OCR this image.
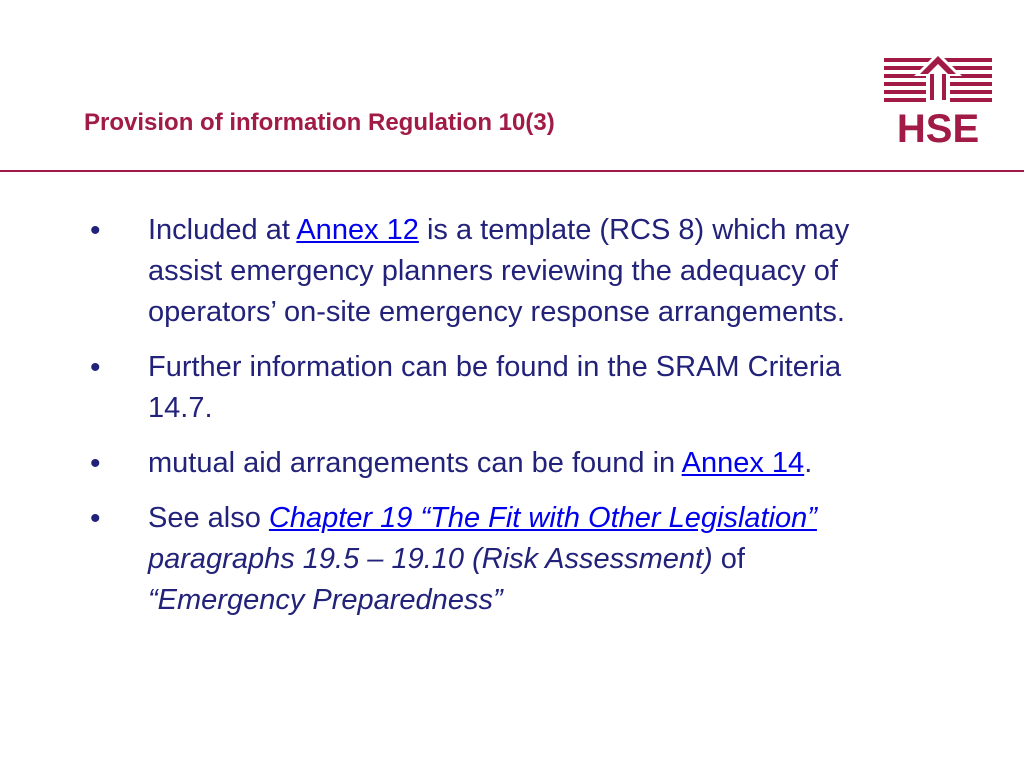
Provision of information Regulation 10(3)	HSE
• Included at Annex 12 is a template (RCS 8) which may assist emergency planners reviewing the adequacy of operators’ on-site emergency response arrangements.
• Further information can be found in the SRAM Criteria 14.7.
• mutual aid arrangements can be found in Annex 14.
• See also Chapter 19 “The Fit with Other Legislation” paragraphs 19.5 – 19.10 (Risk Assessment) of “Emergency Preparedness”
